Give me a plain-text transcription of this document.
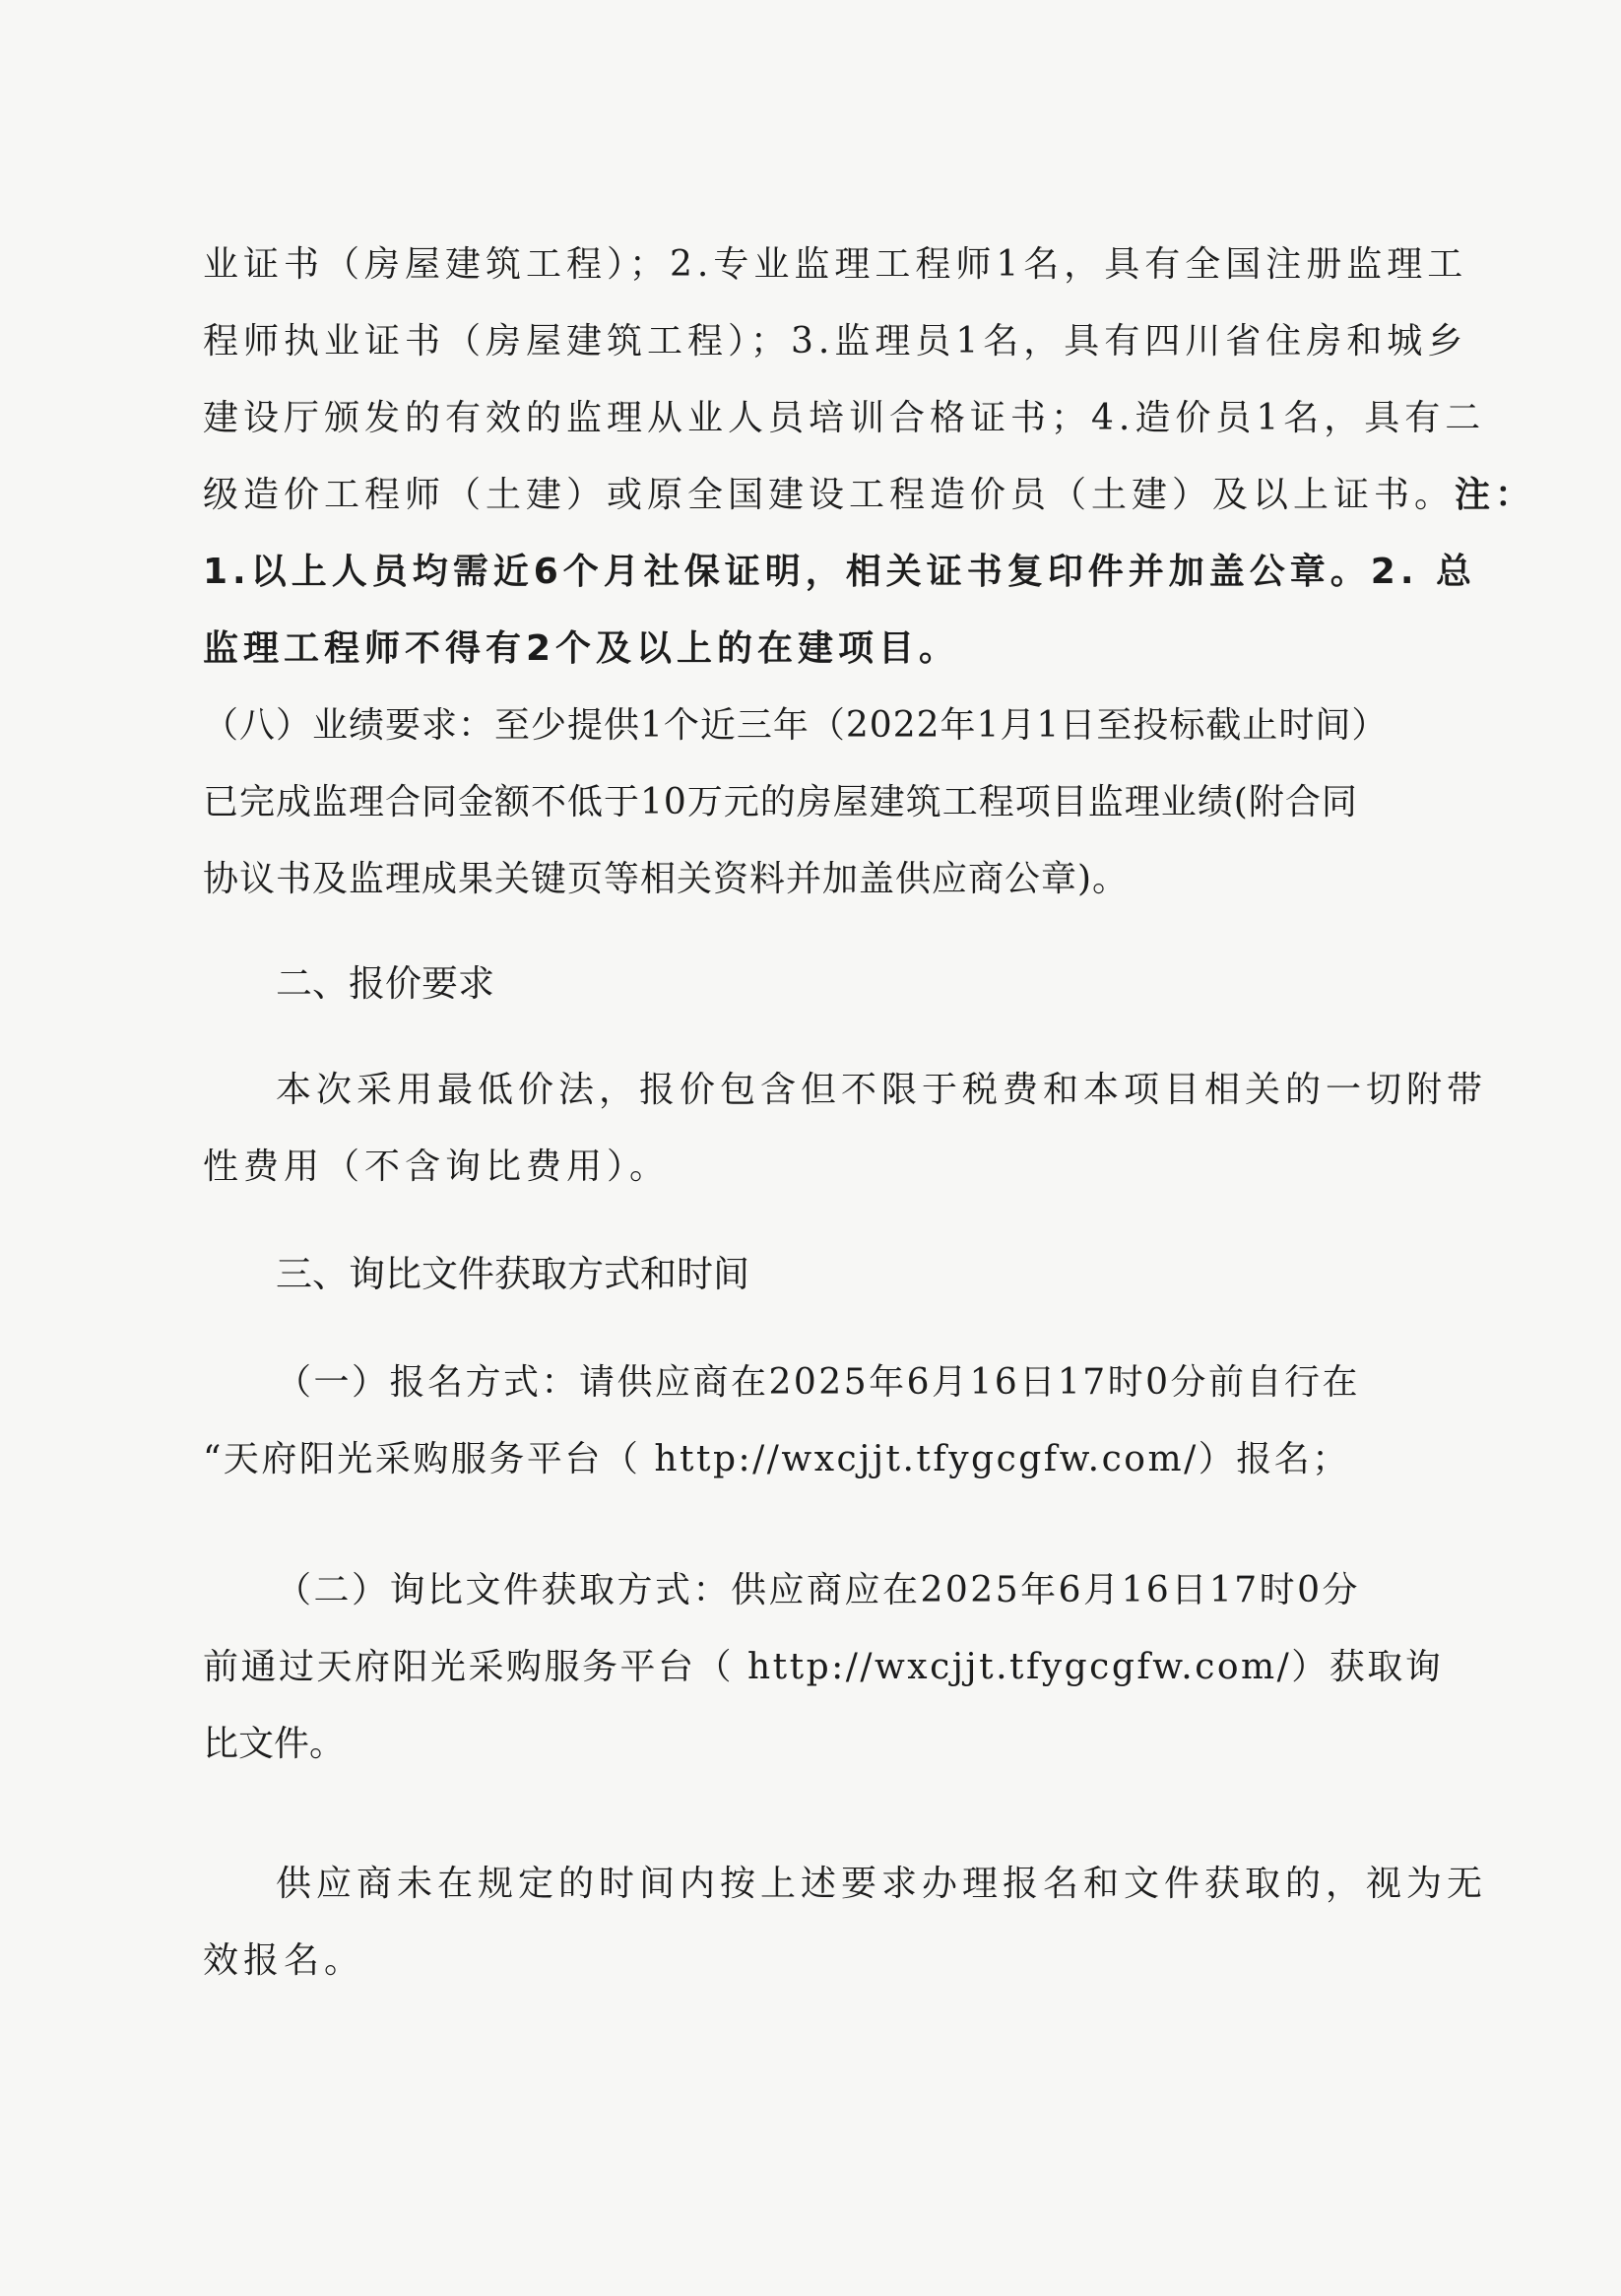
业证书（房屋建筑工程）；2.专业监理工程师1名，具有全国注册监理工
程师执业证书（房屋建筑工程）；3.监理员1名，具有四川省住房和城乡
建设厅颁发的有效的监理从业人员培训合格证书；4.造价员1名，具有二
级造价工程师（土建）或原全国建设工程造价员（土建）及以上证书。注：
1.以上人员均需近6个月社保证明，相关证书复印件并加盖公章。2. 总
监理工程师不得有2个及以上的在建项目。
（八）业绩要求：至少提供1个近三年（2022年1月1日至投标截止时间）
已完成监理合同金额不低于10万元的房屋建筑工程项目监理业绩(附合同
协议书及监理成果关键页等相关资料并加盖供应商公章)。
二、报价要求
本次采用最低价法，报价包含但不限于税费和本项目相关的一切附带
性费用（不含询比费用）。
三、询比文件获取方式和时间
（一）报名方式：请供应商在2025年6月16日17时0分前自行在
“天府阳光采购服务平台（ http://wxcjjt.tfygcgfw.com/）报名；
（二）询比文件获取方式：供应商应在2025年6月16日17时0分
前通过天府阳光采购服务平台（ http://wxcjjt.tfygcgfw.com/）获取询
比文件。
供应商未在规定的时间内按上述要求办理报名和文件获取的，视为无
效报名。
